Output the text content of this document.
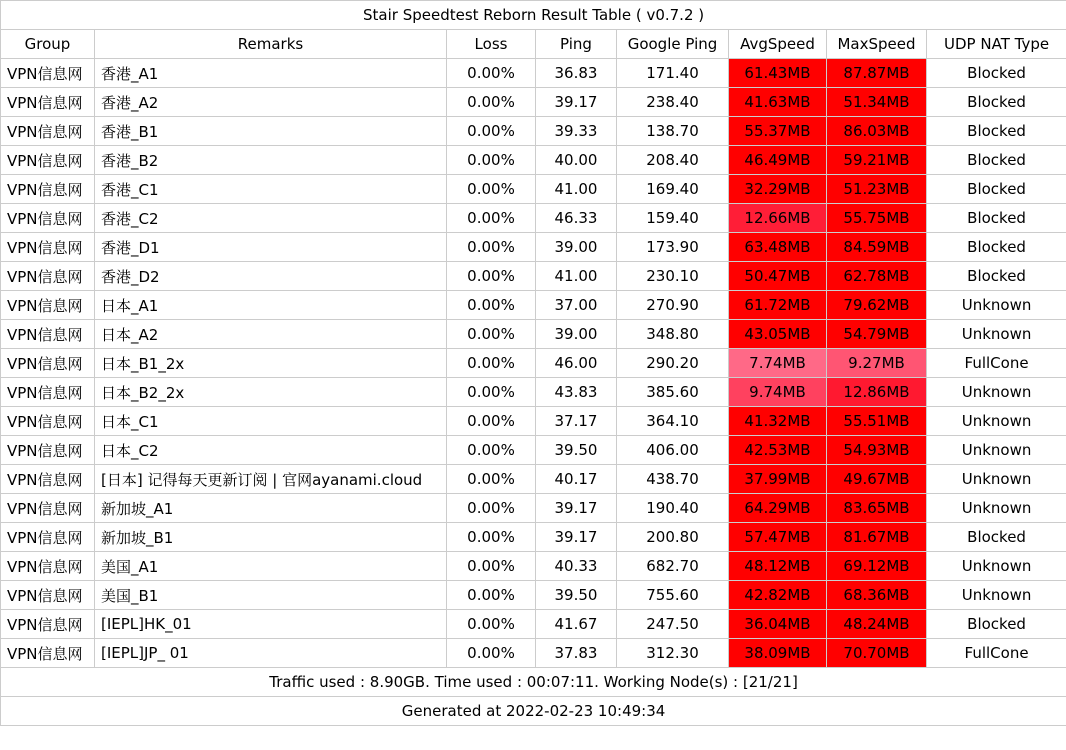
Stair Speedtest Reborn Result Table ( v0.7.2 )							
Group	Remarks	Loss	Ping	Google Ping	AvgSpeed	MaxSpeed	UDP NAT Type
VPN信息网	香港_A1	0.00%	36.83	171.40	61.43MB	87.87MB	Blocked
VPN信息网	香港_A2	0.00%	39.17	238.40	41.63MB	51.34MB	Blocked
VPN信息网	香港_B1	0.00%	39.33	138.70	55.37MB	86.03MB	Blocked
VPN信息网	香港_B2	0.00%	40.00	208.40	46.49MB	59.21MB	Blocked
VPN信息网	香港_C1	0.00%	41.00	169.40	32.29MB	51.23MB	Blocked
VPN信息网	香港_C2	0.00%	46.33	159.40	12.66MB	55.75MB	Blocked
VPN信息网	香港_D1	0.00%	39.00	173.90	63.48MB	84.59MB	Blocked
VPN信息网	香港_D2	0.00%	41.00	230.10	50.47MB	62.78MB	Blocked
VPN信息网	日本_A1	0.00%	37.00	270.90	61.72MB	79.62MB	Unknown
VPN信息网	日本_A2	0.00%	39.00	348.80	43.05MB	54.79MB	Unknown
VPN信息网	日本_B1_2x	0.00%	46.00	290.20	7.74MB	9.27MB	FullCone
VPN信息网	日本_B2_2x	0.00%	43.83	385.60	9.74MB	12.86MB	Unknown
VPN信息网	日本_C1	0.00%	37.17	364.10	41.32MB	55.51MB	Unknown
VPN信息网	日本_C2	0.00%	39.50	406.00	42.53MB	54.93MB	Unknown
VPN信息网	[日本] 记得每天更新订阅 | 官网ayanami.cloud	0.00%	40.17	438.70	37.99MB	49.67MB	Unknown
VPN信息网	新加坡_A1	0.00%	39.17	190.40	64.29MB	83.65MB	Unknown
VPN信息网	新加坡_B1	0.00%	39.17	200.80	57.47MB	81.67MB	Blocked
VPN信息网	美国_A1	0.00%	40.33	682.70	48.12MB	69.12MB	Unknown
VPN信息网	美国_B1	0.00%	39.50	755.60	42.82MB	68.36MB	Unknown
VPN信息网	[IEPL]HK_01	0.00%	41.67	247.50	36.04MB	48.24MB	Blocked
VPN信息网	[IEPL]JP_ 01	0.00%	37.83	312.30	38.09MB	70.70MB	FullCone
Traffic used : 8.90GB. Time used : 00:07:11. Working Node(s) : [21/21]							
Generated at 2022-02-23 10:49:34							
